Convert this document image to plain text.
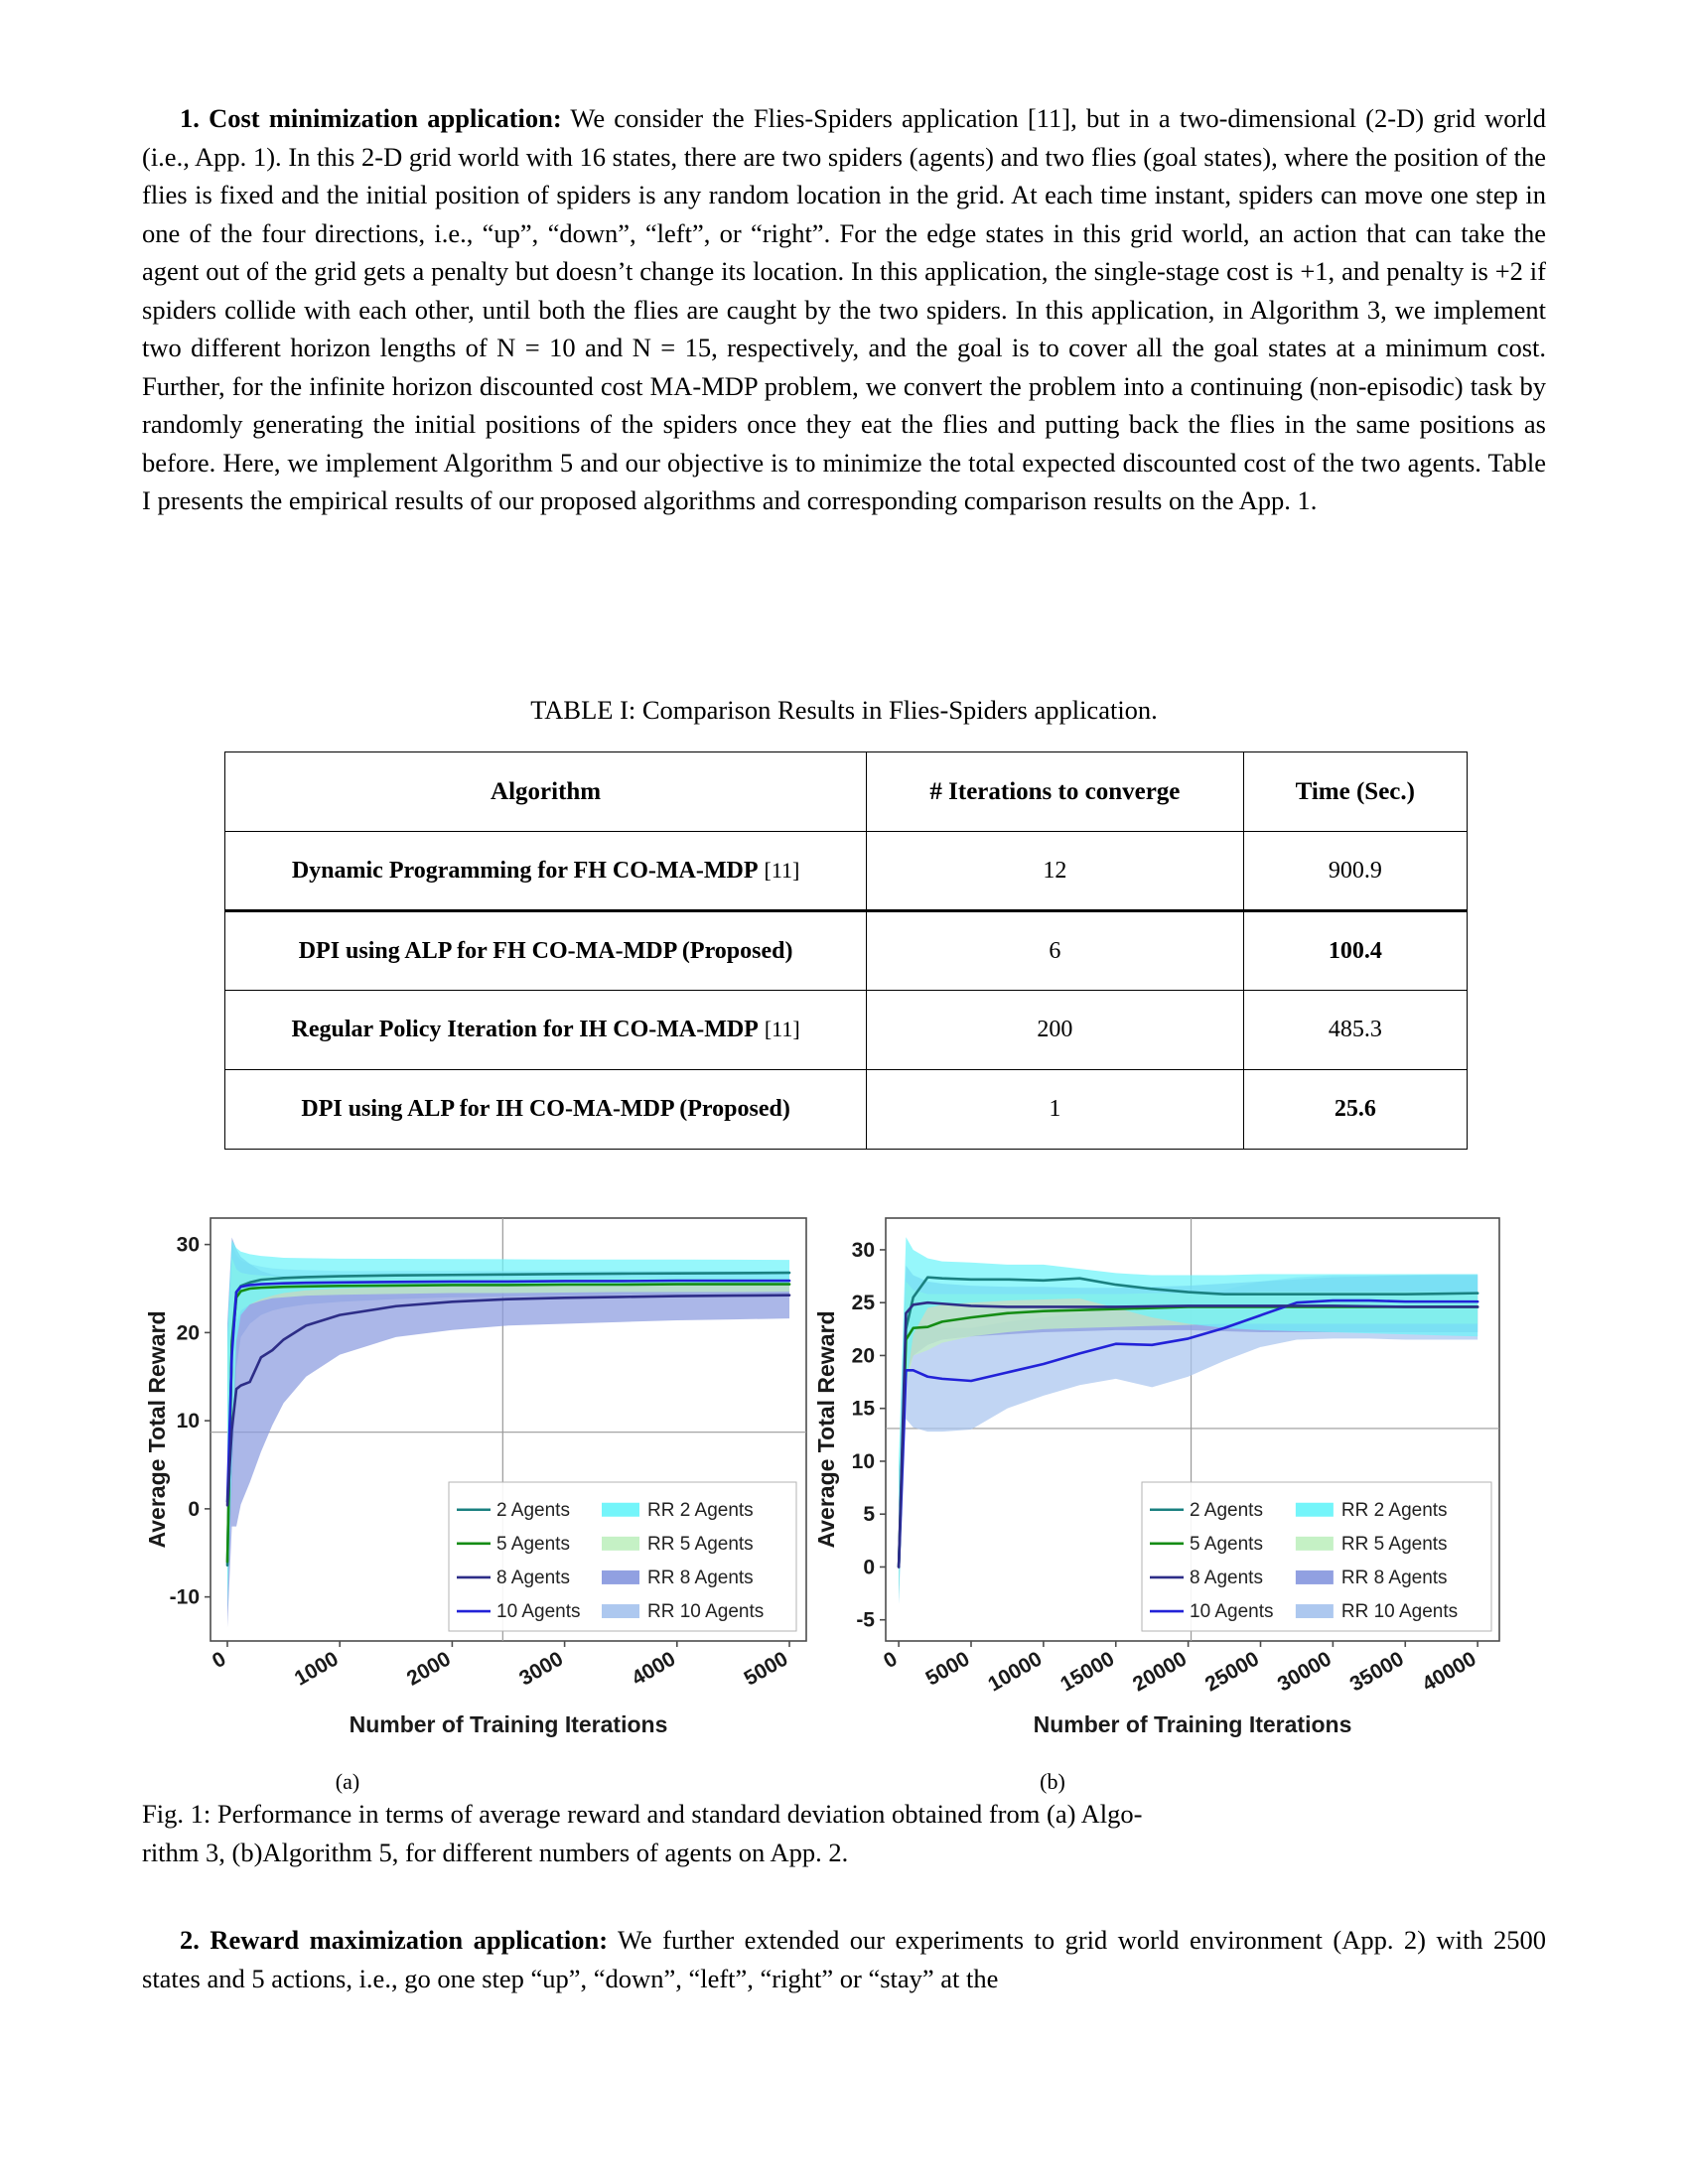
1. Cost minimization application: We consider the Flies-Spiders application [11], but in a two-dimensional (2-D) grid world (i.e., App. 1). In this 2-D grid world with 16 states, there are two spiders (agents) and two flies (goal states), where the position of the flies is fixed and the initial position of spiders is any random location in the grid. At each time instant, spiders can move one step in one of the four directions, i.e., “up”, “down”, “left”, or “right”. For the edge states in this grid world, an action that can take the agent out of the grid gets a penalty but doesn’t change its location. In this application, the single-stage cost is +1, and penalty is +2 if spiders collide with each other, until both the flies are caught by the two spiders. In this application, in Algorithm 3, we implement two different horizon lengths of N = 10 and N = 15, respectively, and the goal is to cover all the goal states at a minimum cost. Further, for the infinite horizon discounted cost MA-MDP problem, we convert the problem into a continuing (non-episodic) task by randomly generating the initial positions of the spiders once they eat the flies and putting back the flies in the same positions as before. Here, we implement Algorithm 5 and our objective is to minimize the total expected discounted cost of the two agents. Table I presents the empirical results of our proposed algorithms and corresponding comparison results on the App. 1.

TABLE I: Comparison Results in Flies-Spiders application.
Algorithm	# Iterations to converge	Time (Sec.)
Dynamic Programming for FH CO-MA-MDP [11]	12	900.9
DPI using ALP for FH CO-MA-MDP (Proposed)	6	100.4
Regular Policy Iteration for IH CO-MA-MDP [11]	200	485.3
DPI using ALP for IH CO-MA-MDP (Proposed)	1	25.6
-10
0
10
20
30
0	1000	2000	3000	4000	5000
Number of Training Iterations
Average Total Reward	2 Agents	RR 2 Agents
5 Agents	RR 5 Agents
8 Agents	RR 8 Agents
10 Agents	RR 10 Agents	-5
0
5
10
15
20
25
30
0 5000 10000 15000 20000 25000 30000 35000 40000
Number of Training Iterations
Average Total Reward	2 Agents	RR 2 Agents
5 Agents	RR 5 Agents
8 Agents	RR 8 Agents
10 Agents	RR 10 Agents
(a)	(b)
Fig. 1: Performance in terms of average reward and standard deviation obtained from (a) Algo-
rithm 3, (b)Algorithm 5, for different numbers of agents on App. 2.

2. Reward maximization application: We further extended our experiments to grid world environment (App. 2) with 2500 states and 5 actions, i.e., go one step “up”, “down”, “left”, “right” or “stay” at the
